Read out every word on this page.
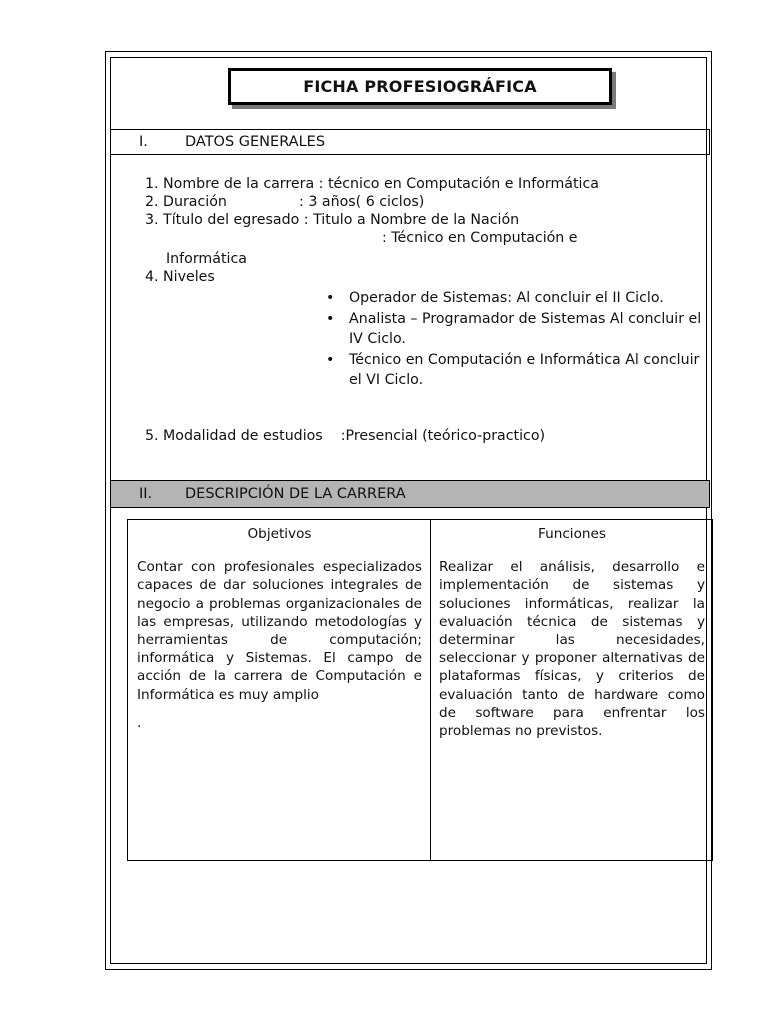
FICHA PROFESIOGRÁFICA
I.	DATOS GENERALES
1. Nombre de la carrera : técnico en Computación e Informática
2. Duración                : 3 años( 6 ciclos)
3. Título del egresado : Titulo a Nombre de la Nación
: Técnico en Computación e
Informática
4. Niveles
5. Modalidad de estudios    :Presencial (teórico-practico)
• Operador de Sistemas: Al concluir el II Ciclo.
• Analista – Programador de Sistemas Al concluir el IV Ciclo.
• Técnico en Computación e Informática Al concluir el VI Ciclo.
II.	DESCRIPCIÓN DE LA CARRERA
Objetivos
Contar con profesionales especializados capaces de dar soluciones integrales de negocio a problemas organizacionales de las empresas, utilizando metodologías y herramientas de computación; informática y Sistemas. El campo de acción de la carrera de Computación e Informática es muy amplio
.
Funciones
Realizar el análisis, desarrollo e implementación de sistemas y soluciones informáticas, realizar la evaluación técnica de sistemas y determinar las necesidades, seleccionar y proponer alternativas de plataformas físicas, y criterios de evaluación tanto de hardware como de software para enfrentar los problemas no previstos.
